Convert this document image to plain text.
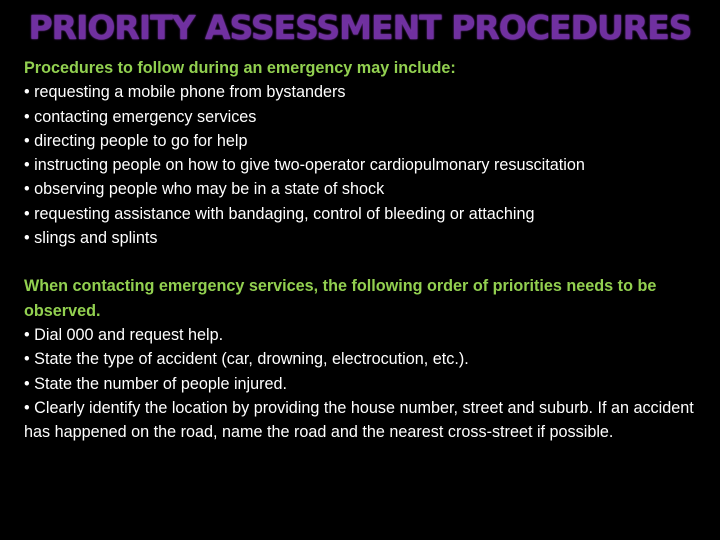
PRIORITY ASSESSMENT PROCEDURES
Procedures to follow during an emergency may include:
• requesting a mobile phone from bystanders
• contacting emergency services
• directing people to go for help
• instructing people on how to give two-operator cardiopulmonary resuscitation
• observing people who may be in a state of shock
• requesting assistance with bandaging, control of bleeding or attaching
• slings and splints
When contacting emergency services, the following order of priorities needs to be observed.
• Dial 000 and request help.
• State the type of accident (car, drowning, electrocution, etc.).
• State the number of people injured.
• Clearly identify the location by providing the house number, street and suburb. If an accident has happened on the road, name the road and the nearest cross-street if possible.
